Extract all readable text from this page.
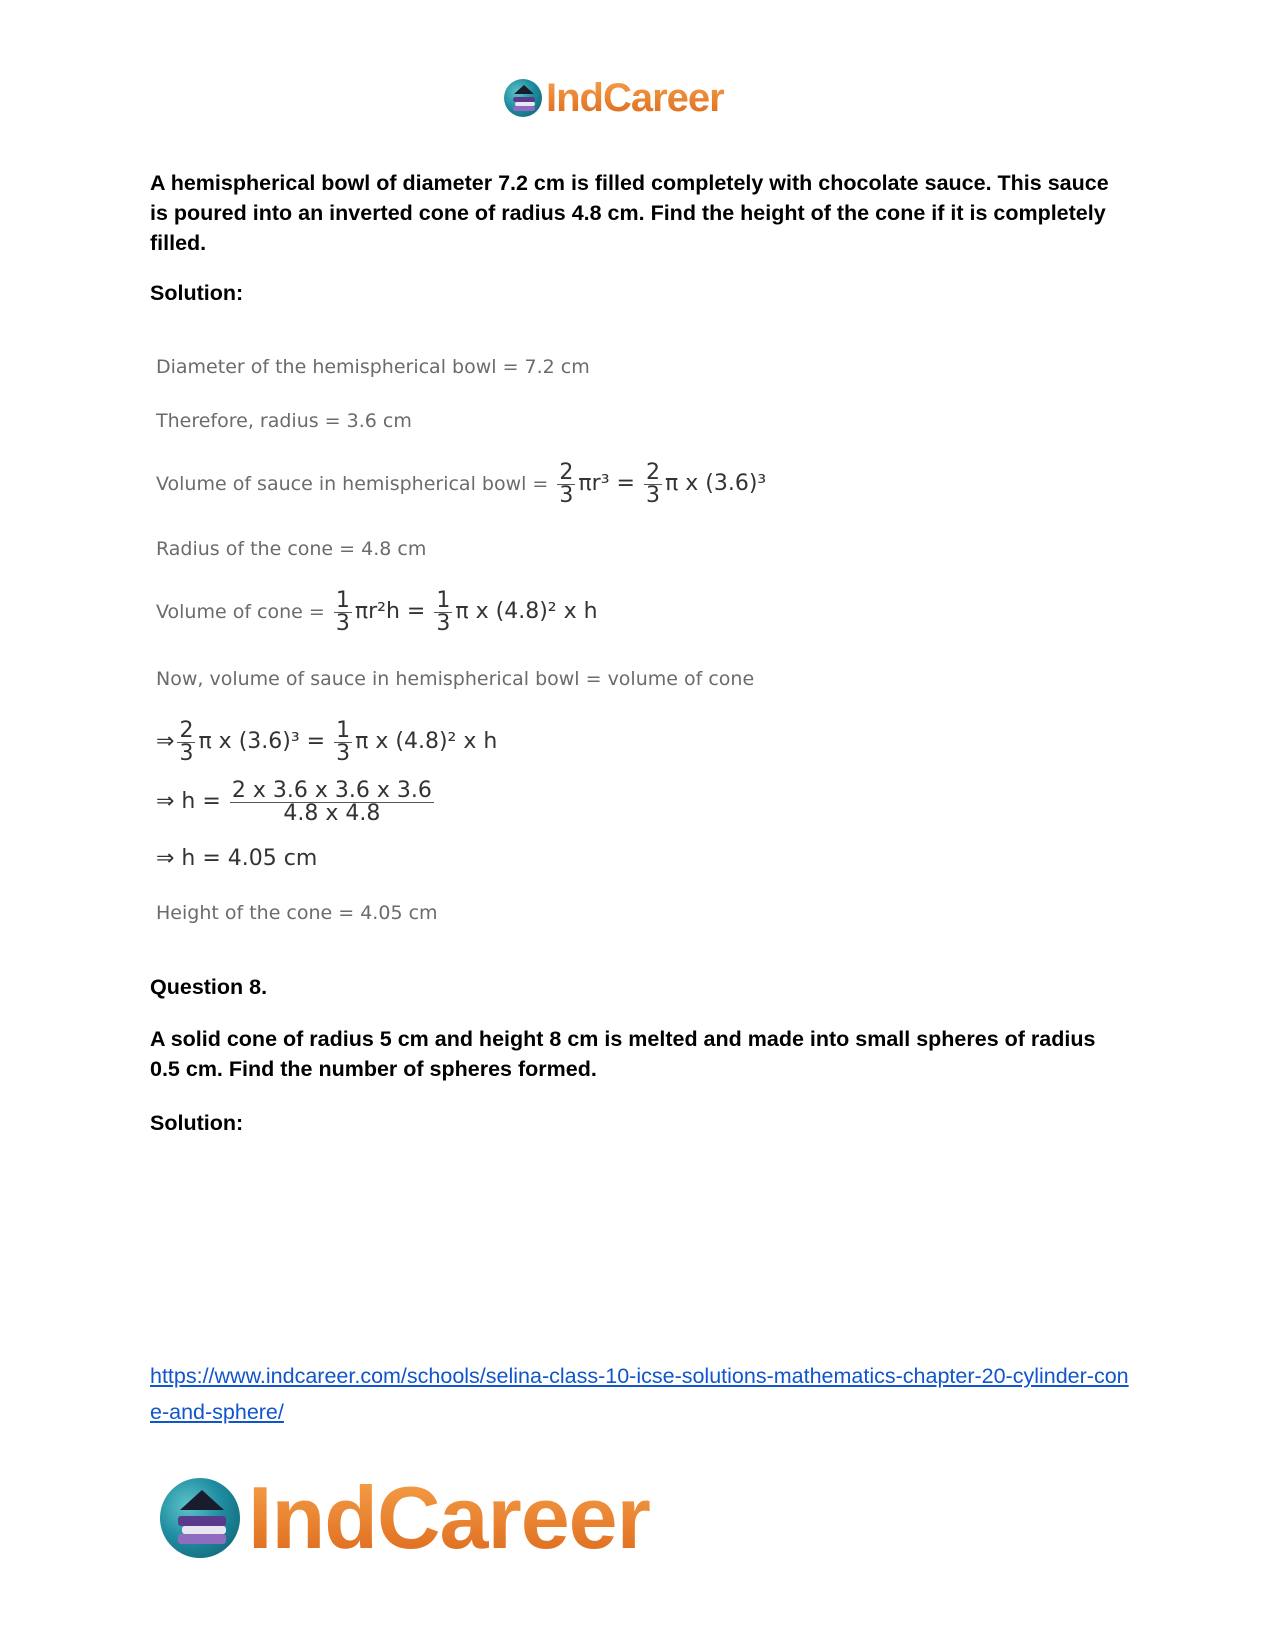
IndCareer
A hemispherical bowl of diameter 7.2 cm is filled completely with chocolate sauce. This sauce is poured into an inverted cone of radius 4.8 cm. Find the height of the cone if it is completely filled.
Solution:
Diameter of the hemispherical bowl = 7.2 cm
Therefore, radius = 3.6 cm
Volume of sauce in hemispherical bowl = $\frac{2}{3} \pi r^3 = \frac{2}{3}$ π x (3.6)³
Radius of the cone = 4.8 cm
Volume of cone = $\frac{1}{3} \pi r^2h = \frac{1}{3}$ π x (4.8)² x h
Now, volume of sauce in hemispherical bowl = volume of cone
⇒ $\frac{2}{3}$ π x $(3.6)^3 = \frac{1}{3}$ π x (4.8)² x h
⇒ $h = \frac{2 x 3.6 x 3.6 x 3.6}{4.8 x 4.8}$
⇒ h = 4.05 cm
Height of the cone = 4.05 cm
Question 8.
A solid cone of radius 5 cm and height 8 cm is melted and made into small spheres of radius 0.5 cm. Find the number of spheres formed.
Solution:
https://www.indcareer.com/schools/selina-class-10-icse-solutions-mathematics-chapter-20-cylinder-cone-and-sphere/
IndCareer
